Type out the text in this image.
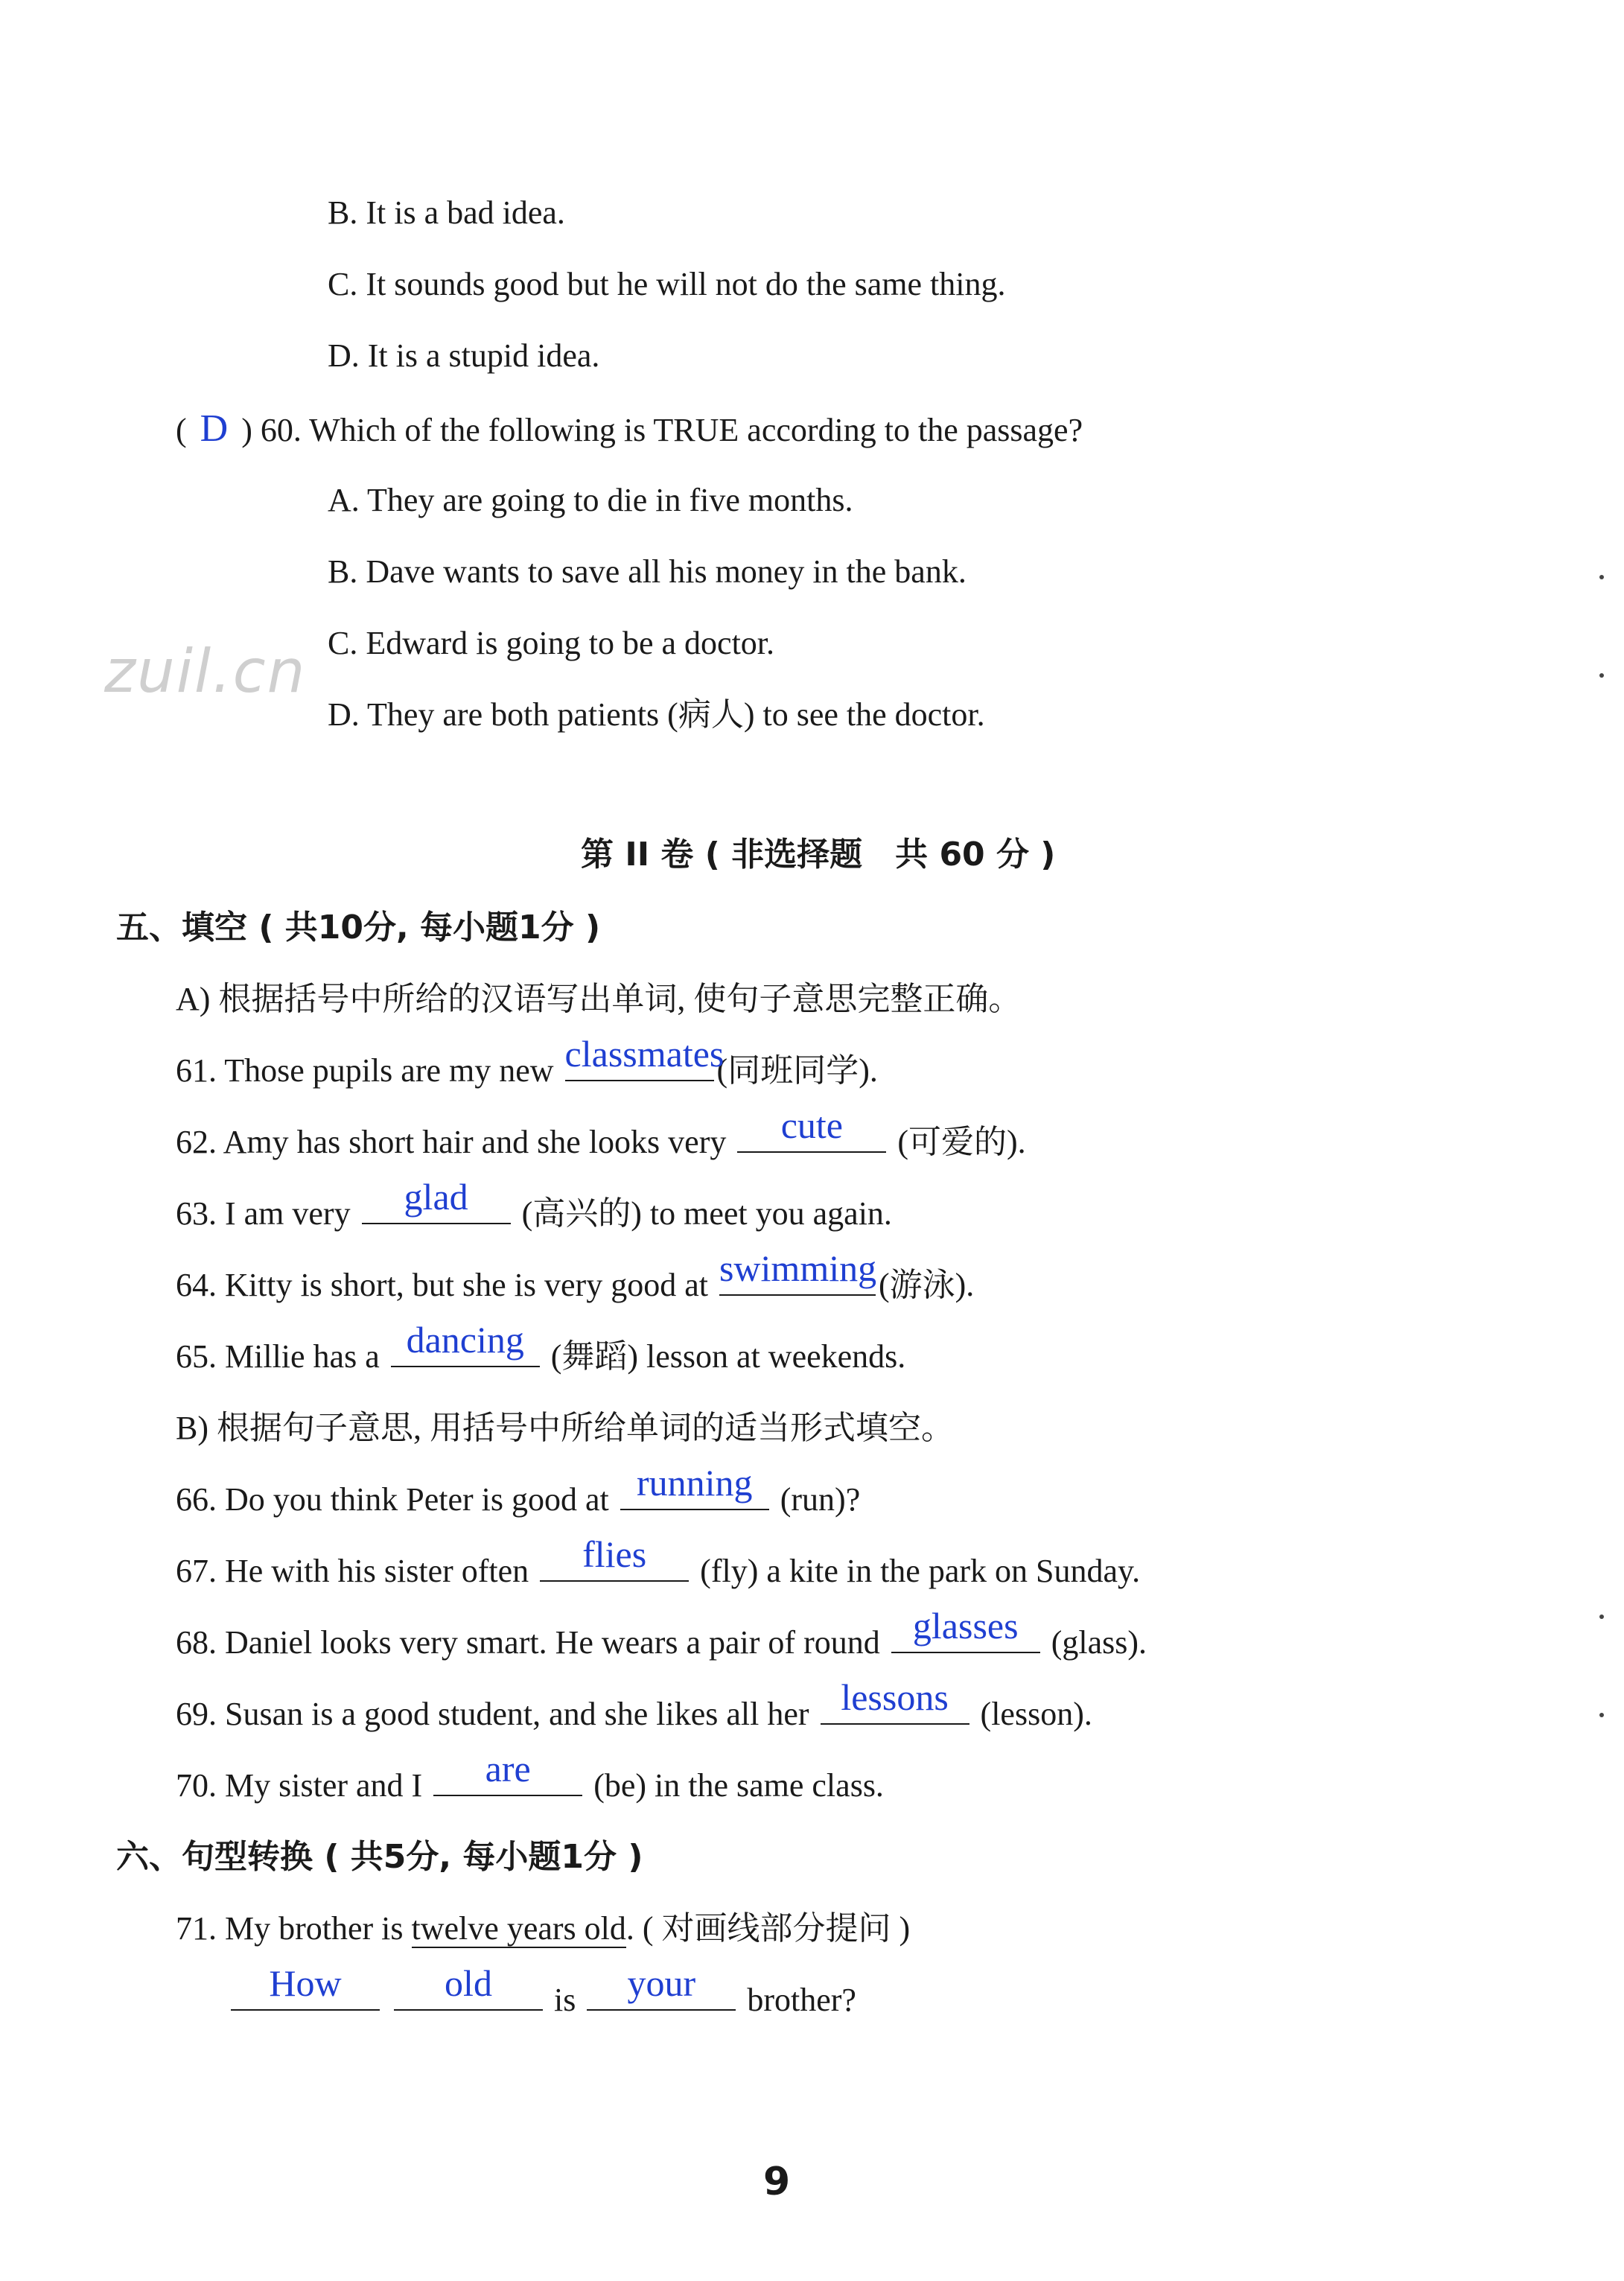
B. It is a bad idea.
C. It sounds good but he will not do the same thing.
D. It is a stupid idea.
( D ) 60. Which of the following is TRUE according to the passage?
A. They are going to die in five months.
B. Dave wants to save all his money in the bank.
C. Edward is going to be a doctor.
D. They are both patients (病人) to see the doctor.
zuil.cn
第 II 卷 ( 非选择题　共 60 分 )
五、填空 ( 共10分, 每小题1分 )
A) 根据括号中所给的汉语写出单词, 使句子意思完整正确。
61. Those pupils are my new classmates
(同班同学).
62. Amy has short hair and she looks very	cute	(可爱的).
63. I am very	glad	(高兴的) to meet you again.
64. Kitty is short, but she is very good at swimming (游泳).
65. Millie has a dancing (舞蹈) lesson at weekends.
B) 根据句子意思, 用括号中所给单词的适当形式填空。
66. Do you think Peter is good at running (run)?
67. He with his sister often	flies	(fly) a kite in the park on Sunday.
68. Daniel looks very smart. He wears a pair of round glasses	(glass).
69. Susan is a good student, and she likes all her lessons (lesson).
70. My sister and I	are	(be) in the same class.
六、句型转换 ( 共5分, 每小题1分 )
71. My brother is twelve years old. ( 对画线部分提问 )
How
	old	is	your	brother?
9
